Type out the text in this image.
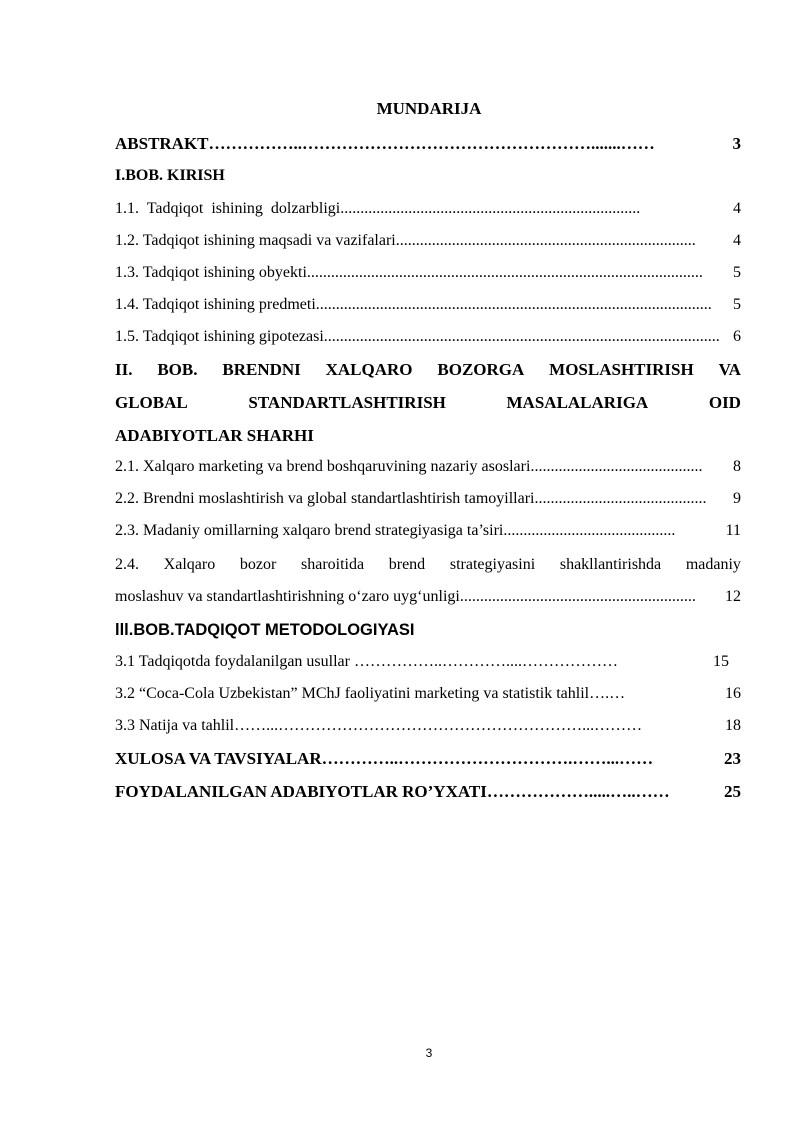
MUNDARIJA
ABSTRAKT ……………..…………………………………………….......……	3
I.BOB. KIRISH
1.1.  Tadqiqot  ishining  dolzarbligi ...........................................................................	4
1.2. Tadqiqot ishining maqsadi va vazifalari ...........................................................................	4
1.3. Tadqiqot ishining obyekti ...................................................................................................	5
1.4. Tadqiqot ishining predmeti ...................................................................................................	5
1.5. Tadqiqot ishining gipotezasi ................................................................................................... 6
II. BOB. BRENDNI XALQARO BOZORGA MOSLASHTIRISH VA
GLOBAL	STANDARTLASHTIRISH	MASALALARIGA	OID
ADABIYOTLAR SHARHI
2.1. Xalqaro marketing va brend boshqaruvining nazariy asoslari ...........................................	8
2.2. Brendni moslashtirish va global standartlashtirish tamoyillari ...........................................	9
2.3. Madaniy omillarning xalqaro brend strategiyasiga ta’siri ...........................................	11
2.4. Xalqaro bozor sharoitida brend strategiyasini shakllantirishda madaniy
moslashuv va standartlashtirishning o‘zaro uyg‘unligi ...........................................................	12
lll.BOB.TADQIQOT METODOLOGIYASI
3.1 Tadqiqotda foydalanilgan usullar ……………..…………....………………	15
3.2 “Coca-Cola Uzbekistan” MChJ faoliyatini marketing va statistik tahlil ….…	16
3.3 Natija va tahlil ……...…………………………………………………...………	18
XULOSA VA TAVSIYALAR …………..………………………….……...……	23
FOYDALANILGAN ADABIYOTLAR RO’YXATI ……………….....…..……	25
3
